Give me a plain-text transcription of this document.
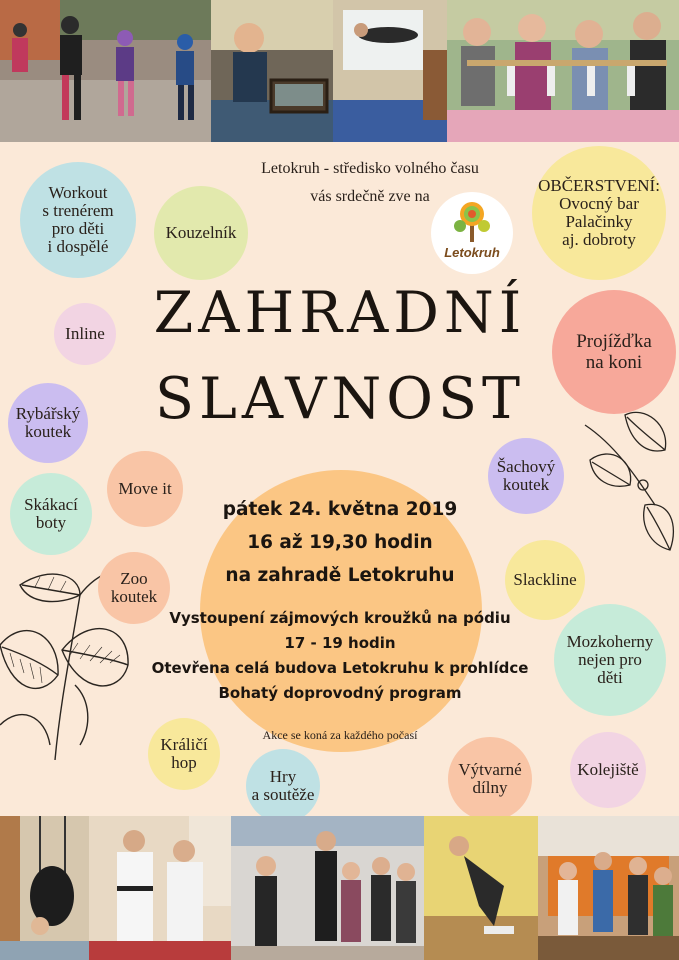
Letokruh - středisko volného času
vás srdečně zve na
Letokruh
ZAHRADNÍ
SLAVNOST
Workout
s trenérem
pro děti
i dospělé
Kouzelník
OBČERSTVENÍ:
Ovocný bar
Palačinky
aj. dobroty
Inline	Projížďka
na koni
Rybářský
koutek
Šachový
koutek
Skákací
boty
Move it
Zoo
koutek
Slackline
Mozkoherny
nejen pro
děti
Králičí
hop
Hry
a soutěže
Výtvarné
dílny
Kolejiště
pátek 24. května 2019
16 až 19,30 hodin
na zahradě Letokruhu
Vystoupení zájmových kroužků na pódiu
17 - 19 hodin
Otevřena celá budova Letokruhu k prohlídce
Bohatý doprovodný program
Akce se koná za každého počasí
